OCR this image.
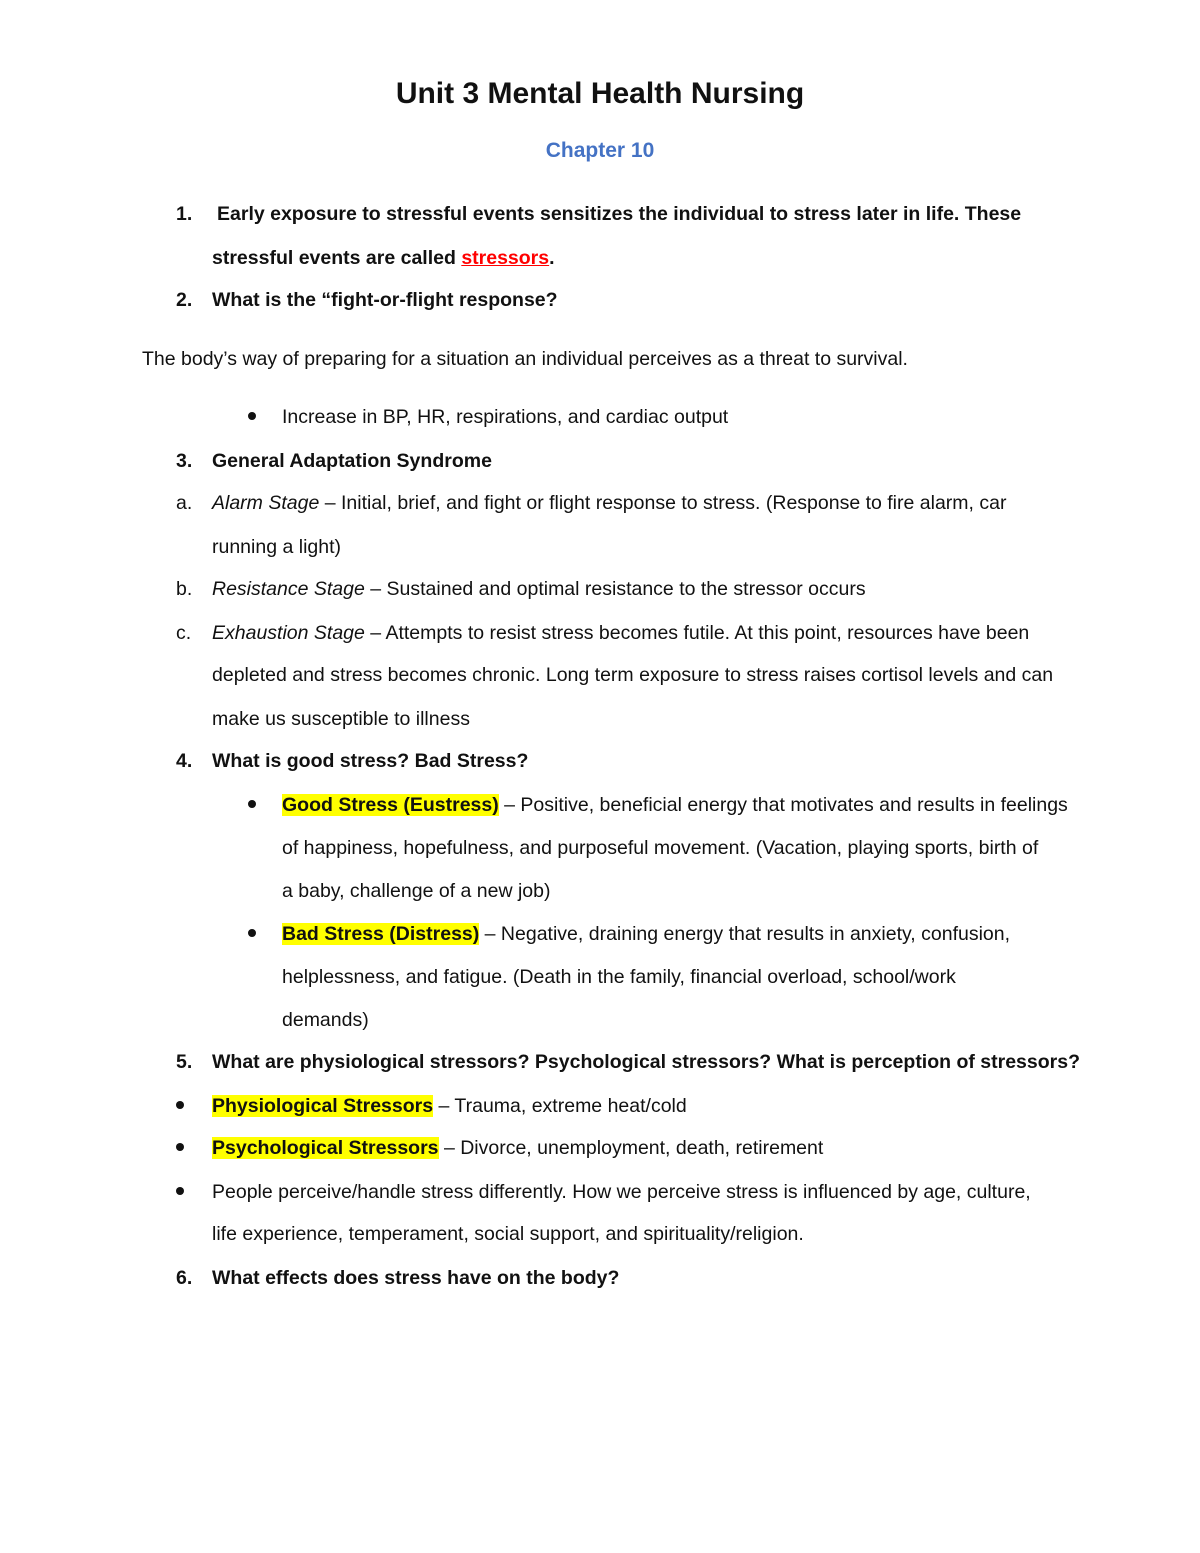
Unit 3 Mental Health Nursing
Chapter 10
1. Early exposure to stressful events sensitizes the individual to stress later in life. These
stressful events are called stressors.
2. What is the “fight-or-flight response?
The body’s way of preparing for a situation an individual perceives as a threat to survival.
Increase in BP, HR, respirations, and cardiac output
3. General Adaptation Syndrome
a. Alarm Stage – Initial, brief, and fight or flight response to stress. (Response to fire alarm, car
running a light)
b. Resistance Stage – Sustained and optimal resistance to the stressor occurs
c. Exhaustion Stage – Attempts to resist stress becomes futile. At this point, resources have been
depleted and stress becomes chronic. Long term exposure to stress raises cortisol levels and can
make us susceptible to illness
4. What is good stress? Bad Stress?
Good Stress (Eustress) – Positive, beneficial energy that motivates and results in feelings
of happiness, hopefulness, and purposeful movement. (Vacation, playing sports, birth of
a baby, challenge of a new job)
Bad Stress (Distress) – Negative, draining energy that results in anxiety, confusion,
helplessness, and fatigue. (Death in the family, financial overload, school/work
demands)
5. What are physiological stressors? Psychological stressors? What is perception of stressors?
Physiological Stressors – Trauma, extreme heat/cold
Psychological Stressors – Divorce, unemployment, death, retirement
People perceive/handle stress differently. How we perceive stress is influenced by age, culture,
life experience, temperament, social support, and spirituality/religion.
6. What effects does stress have on the body?
